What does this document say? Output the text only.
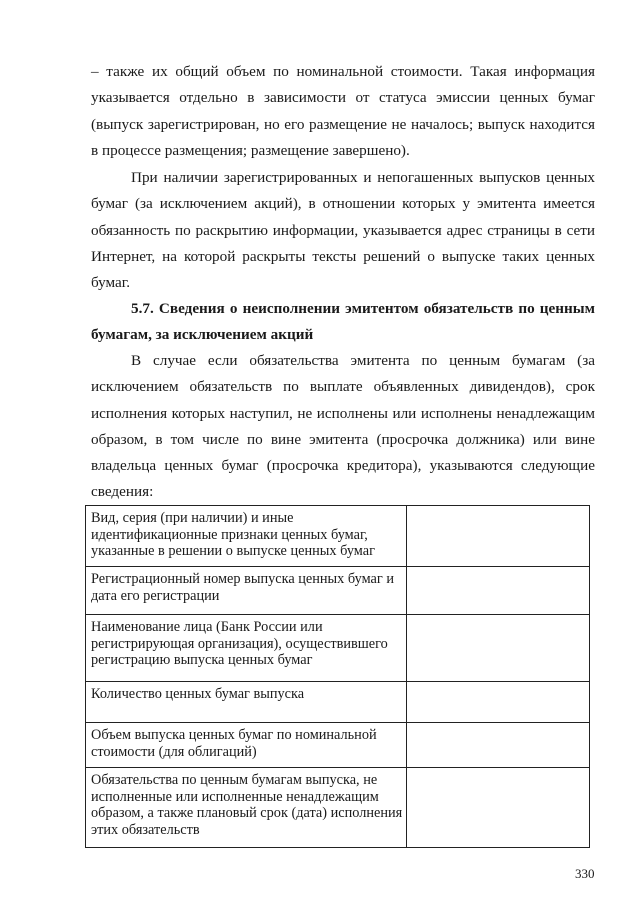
– также их общий объем по номинальной стоимости. Такая информация указывается отдельно в зависимости от статуса эмиссии ценных бумаг (выпуск зарегистрирован, но его размещение не началось; выпуск находится в процессе размещения; размещение завершено).

При наличии зарегистрированных и непогашенных выпусков ценных бумаг (за исключением акций), в отношении которых у эмитента имеется обязанность по раскрытию информации, указывается адрес страницы в сети Интернет, на которой раскрыты тексты решений о выпуске таких ценных бумаг.

5.7. Сведения о неисполнении эмитентом обязательств по ценным бумагам, за исключением акций

В случае если обязательства эмитента по ценным бумагам (за исключением обязательств по выплате объявленных дивидендов), срок исполнения которых наступил, не исполнены или исполнены ненадлежащим образом, в том числе по вине эмитента (просрочка должника) или вине владельца ценных бумаг (просрочка кредитора), указываются следующие сведения:

Вид, серия (при наличии) и иные идентификационные признаки ценных бумаг, указанные в решении о выпуске ценных бумаг	
Регистрационный номер выпуска ценных бумаг и дата его регистрации	
Наименование лица (Банк России или регистрирующая организация), осуществившего регистрацию выпуска ценных бумаг	
Количество ценных бумаг выпуска	
Объем выпуска ценных бумаг по номинальной стоимости (для облигаций)	
Обязательства по ценным бумагам выпуска, не исполненные или исполненные ненадлежащим образом, а также плановый срок (дата) исполнения этих обязательств	
330
